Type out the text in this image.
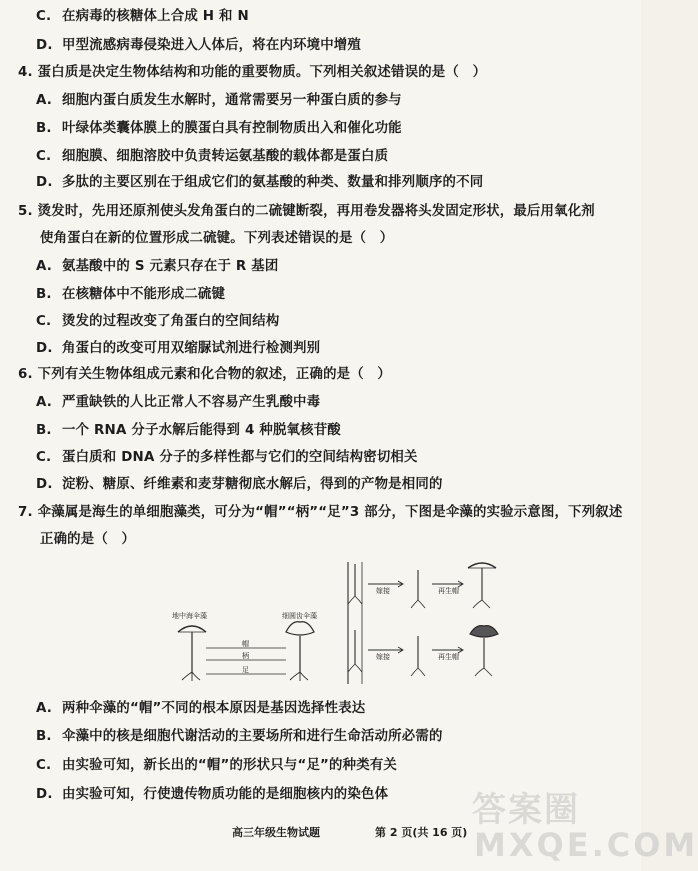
C. 在病毒的核糖体上合成 H 和 N
D. 甲型流感病毒侵染进入人体后，将在内环境中增殖
4. 蛋白质是决定生物体结构和功能的重要物质。下列相关叙述错误的是（　）
A. 细胞内蛋白质发生水解时，通常需要另一种蛋白质的参与
B. 叶绿体类囊体膜上的膜蛋白具有控制物质出入和催化功能
C. 细胞膜、细胞溶胶中负责转运氨基酸的载体都是蛋白质
D. 多肽的主要区别在于组成它们的氨基酸的种类、数量和排列顺序的不同
5. 烫发时，先用还原剂使头发角蛋白的二硫键断裂，再用卷发器将头发固定形状，最后用氧化剂
使角蛋白在新的位置形成二硫键。下列表述错误的是（　）
A. 氨基酸中的 S 元素只存在于 R 基团
B. 在核糖体中不能形成二硫键
C. 烫发的过程改变了角蛋白的空间结构
D. 角蛋白的改变可用双缩脲试剂进行检测判别
6. 下列有关生物体组成元素和化合物的叙述，正确的是（　）
A. 严重缺铁的人比正常人不容易产生乳酸中毒
B. 一个 RNA 分子水解后能得到 4 种脱氧核苷酸
C. 蛋白质和 DNA 分子的多样性都与它们的空间结构密切相关
D. 淀粉、糖原、纤维素和麦芽糖彻底水解后，得到的产物是相同的
7. 伞藻属是海生的单细胞藻类，可分为“帽”“柄”“足”3 部分，下图是伞藻的实验示意图，下列叙述
正确的是（　）
地中海伞藻	细圆齿伞藻
帽
柄
足
嫁接	再生帽
嫁接	再生帽
A. 两种伞藻的“帽”不同的根本原因是基因选择性表达
B. 伞藻中的核是细胞代谢活动的主要场所和进行生命活动所必需的
C. 由实验可知，新长出的“帽”的形状只与“足”的种类有关
D. 由实验可知，行使遗传物质功能的是细胞核内的染色体
高三年级生物试题	第 2 页(共 16 页)
答案圈
MXQE.COM
